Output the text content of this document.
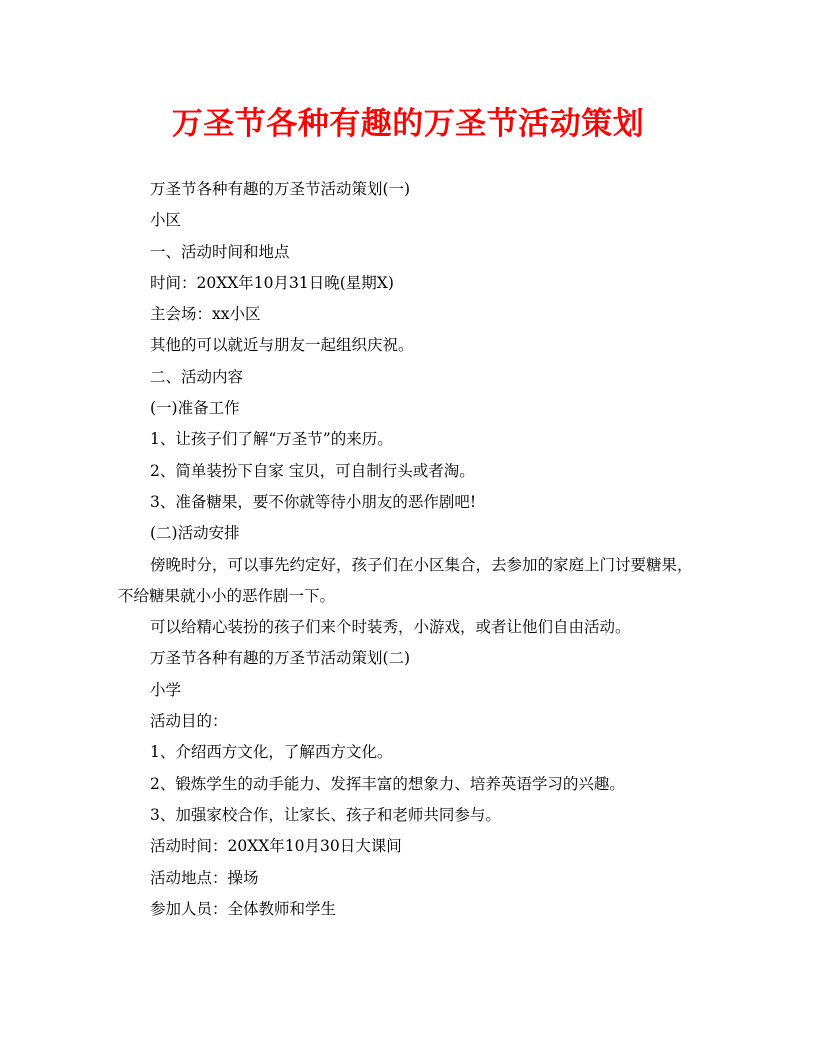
万圣节各种有趣的万圣节活动策划

万圣节各种有趣的万圣节活动策划(一)

小区

一、活动时间和地点

时间：20XX年10月31日晚(星期X)

主会场：xx小区

其他的可以就近与朋友一起组织庆祝。

二、活动内容

(一)准备工作

1、让孩子们了解“万圣节”的来历。

2、简单装扮下自家 宝贝，可自制行头或者淘。

3、准备糖果，要不你就等待小朋友的恶作剧吧!

(二)活动安排

傍晚时分，可以事先约定好，孩子们在小区集合，去参加的家庭上门讨要糖果，不给糖果就小小的恶作剧一下。

可以给精心装扮的孩子们来个时装秀，小游戏，或者让他们自由活动。

万圣节各种有趣的万圣节活动策划(二)

小学

活动目的：

1、介绍西方文化，了解西方文化。

2、锻炼学生的动手能力、发挥丰富的想象力、培养英语学习的兴趣。

3、加强家校合作，让家长、孩子和老师共同参与。

活动时间：20XX年10月30日大课间

活动地点：操场

参加人员：全体教师和学生
